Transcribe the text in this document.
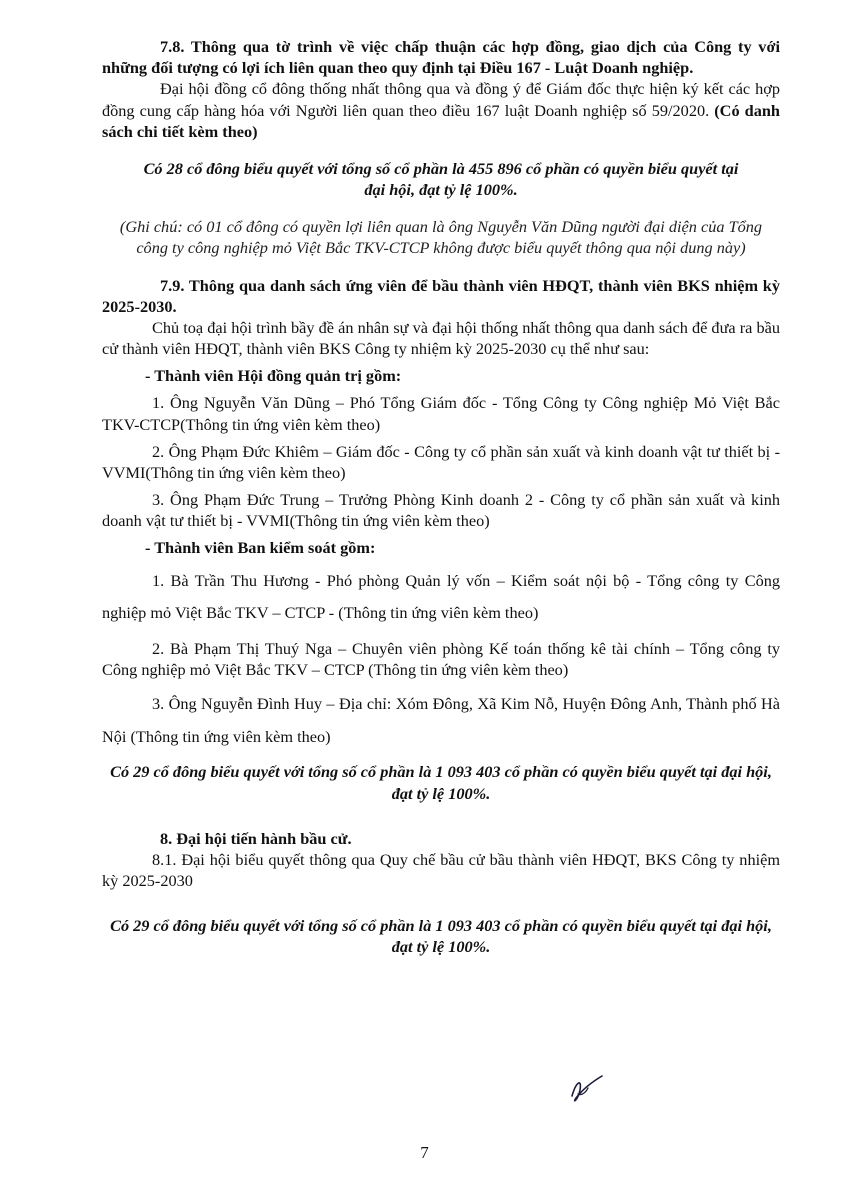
7.8. Thông qua tờ trình về việc chấp thuận các hợp đồng, giao dịch của Công ty với những đối tượng có lợi ích liên quan theo quy định tại Điều 167 - Luật Doanh nghiệp.

Đại hội đồng cổ đông thống nhất thông qua và đồng ý để Giám đốc thực hiện ký kết các hợp đồng cung cấp hàng hóa với Người liên quan theo điều 167 luật Doanh nghiệp số 59/2020. (Có danh sách chi tiết kèm theo)

Có 28 cổ đông biểu quyết với tổng số cổ phần là 455 896 cổ phần có quyền biểu quyết tại đại hội, đạt tỷ lệ 100%.

(Ghi chú: có 01 cổ đông có quyền lợi liên quan là ông Nguyễn Văn Dũng người đại diện của Tổng công ty công nghiệp mỏ Việt Bắc TKV-CTCP không được biểu quyết thông qua nội dung này)

7.9. Thông qua danh sách ứng viên để bầu thành viên HĐQT, thành viên BKS nhiệm kỳ 2025-2030.

Chủ toạ đại hội trình bầy đề án nhân sự và đại hội thống nhất thông qua danh sách để đưa ra bầu cử thành viên HĐQT, thành viên BKS Công ty nhiệm kỳ 2025-2030 cụ thể như sau:

- Thành viên Hội đồng quản trị gồm:

1. Ông Nguyễn Văn Dũng – Phó Tổng Giám đốc - Tổng Công ty Công nghiệp Mỏ Việt Bắc TKV-CTCP(Thông tin ứng viên kèm theo)

2. Ông Phạm Đức Khiêm – Giám đốc - Công ty cổ phần sản xuất và kinh doanh vật tư thiết bị - VVMI(Thông tin ứng viên kèm theo)

3. Ông Phạm Đức Trung – Trưởng Phòng Kinh doanh 2 - Công ty cổ phần sản xuất và kinh doanh vật tư thiết bị - VVMI(Thông tin ứng viên kèm theo)

- Thành viên Ban kiểm soát gồm:

1. Bà Trần Thu Hương - Phó phòng Quản lý vốn – Kiểm soát nội bộ - Tổng công ty Công nghiệp mỏ Việt Bắc TKV – CTCP - (Thông tin ứng viên kèm theo)

2. Bà Phạm Thị Thuý Nga – Chuyên viên phòng Kế toán thống kê tài chính – Tổng công ty Công nghiệp mỏ Việt Bắc TKV – CTCP (Thông tin ứng viên kèm theo)

3. Ông Nguyễn Đình Huy – Địa chỉ: Xóm Đông, Xã Kim Nỗ, Huyện Đông Anh, Thành phố Hà Nội (Thông tin ứng viên kèm theo)

Có 29 cổ đông biểu quyết với tổng số cổ phần là 1 093 403 cổ phần có quyền biểu quyết tại đại hội, đạt tỷ lệ 100%.

8. Đại hội tiến hành bầu cử.

8.1. Đại hội biểu quyết thông qua Quy chế bầu cử bầu thành viên HĐQT, BKS Công ty nhiệm kỳ 2025-2030

Có 29 cổ đông biểu quyết với tổng số cổ phần là 1 093 403 cổ phần có quyền biểu quyết tại đại hội, đạt tỷ lệ 100%.

7
